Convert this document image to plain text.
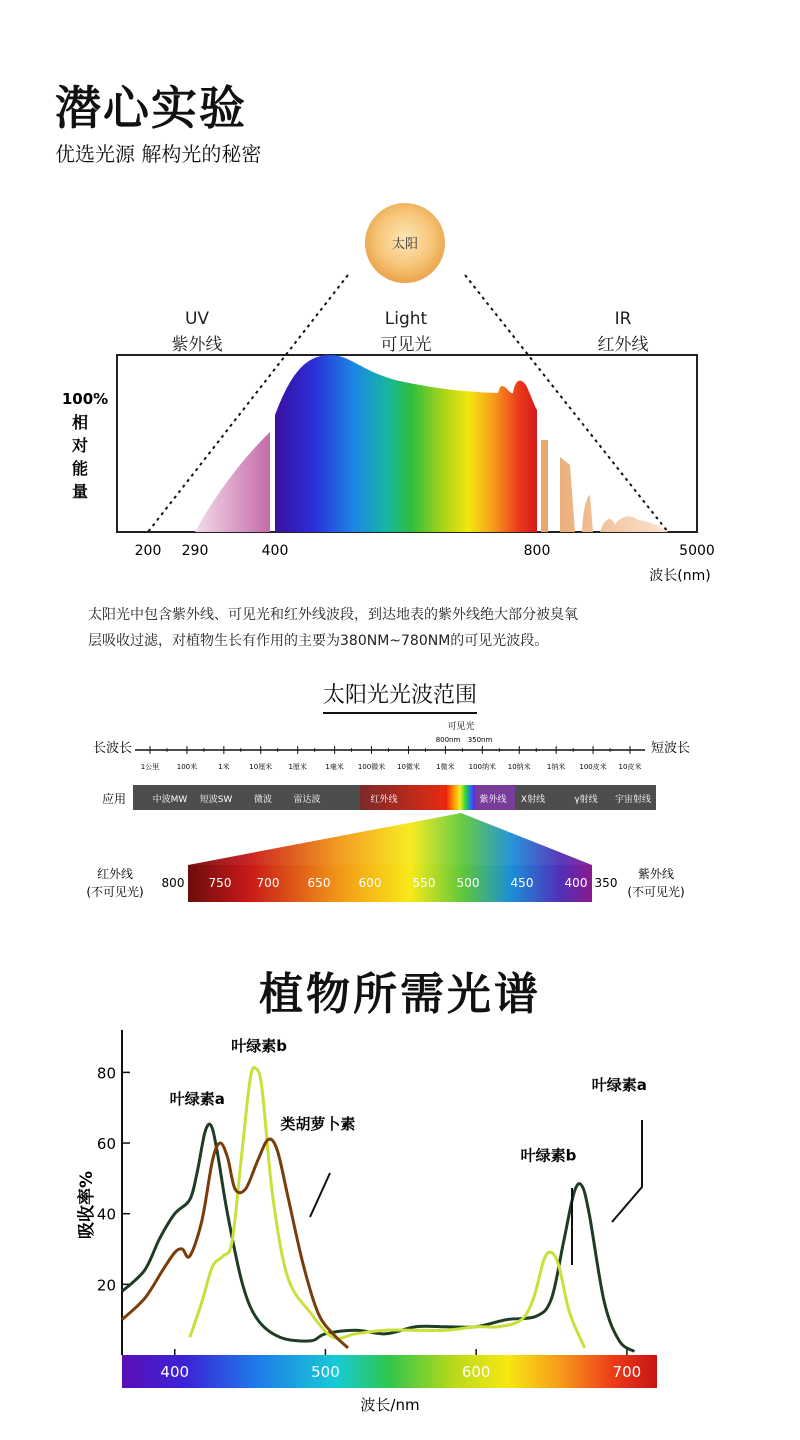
潜心实验
优选光源 解构光的秘密
太阳
UV
紫外线
Light
可见光
IR
红外线
100%
相
对
能
量
200 290	400	800	5000
波长(nm)
太阳光中包含紫外线、可见光和红外线波段，到达地表的紫外线绝大部分被臭氧
层吸收过滤，对植物生长有作用的主要为380NM~780NM的可见光波段。
太阳光光波范围
长波长	短波长
可见光
800nm 350nm
1公里	100米	1米	10厘米 1厘米	1毫米 100微米 10微米 1微米 100纳米 10纳米 1纳米 100皮米 10皮米
应用	中波MW 短波SW 微波 雷达波	红外线	紫外线 X射线	γ射线 宇宙射线
750 700 650 600	550 500	450	400
红外线
(不可见光)
紫外线
(不可见光)
800	350
植物所需光谱
吸收率%
波长/nm
20
40
60
80
400	500	600	700
叶绿素b
叶绿素a
类胡萝卜素
叶绿素b
叶绿素a
